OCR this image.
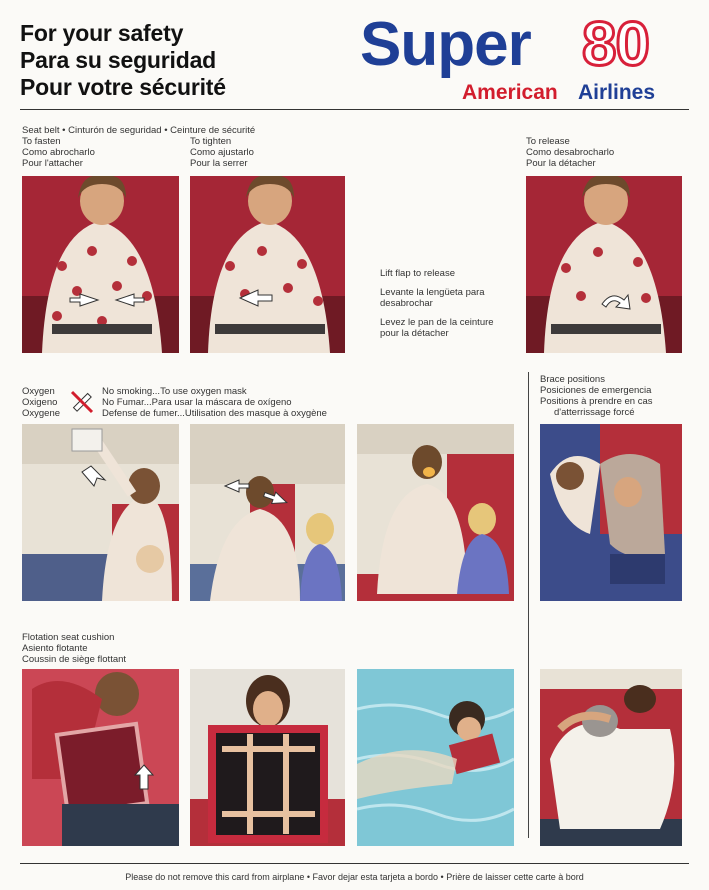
For your safety
Para su seguridad
Pour votre sécurité
Super 80
American Airlines
Seat belt • Cinturón de seguridad • Ceinture de sécurité
To fasten
Como abrocharlo
Pour l'attacher
To tighten
Como ajustarlo
Pour la serrer
To release
Como desabrocharlo
Pour la détacher
Lift flap to release
Levante la lengüeta para
desabrochar
Levez le pan de la ceinture
pour la détacher
Oxygen
Oxigeno
Oxygene
No smoking...To use oxygen mask
No Fumar...Para usar la máscara de oxígeno
Defense de fumer...Utilisation des masque à oxygène
Brace positions
Posiciones de emergencia
Positions à prendre en cas
d'atterrissage forcé
Flotation seat cushion
Asiento flotante
Coussin de siège flottant
Please do not remove this card from airplane • Favor dejar esta tarjeta a bordo • Prière de laisser cette carte à bord
